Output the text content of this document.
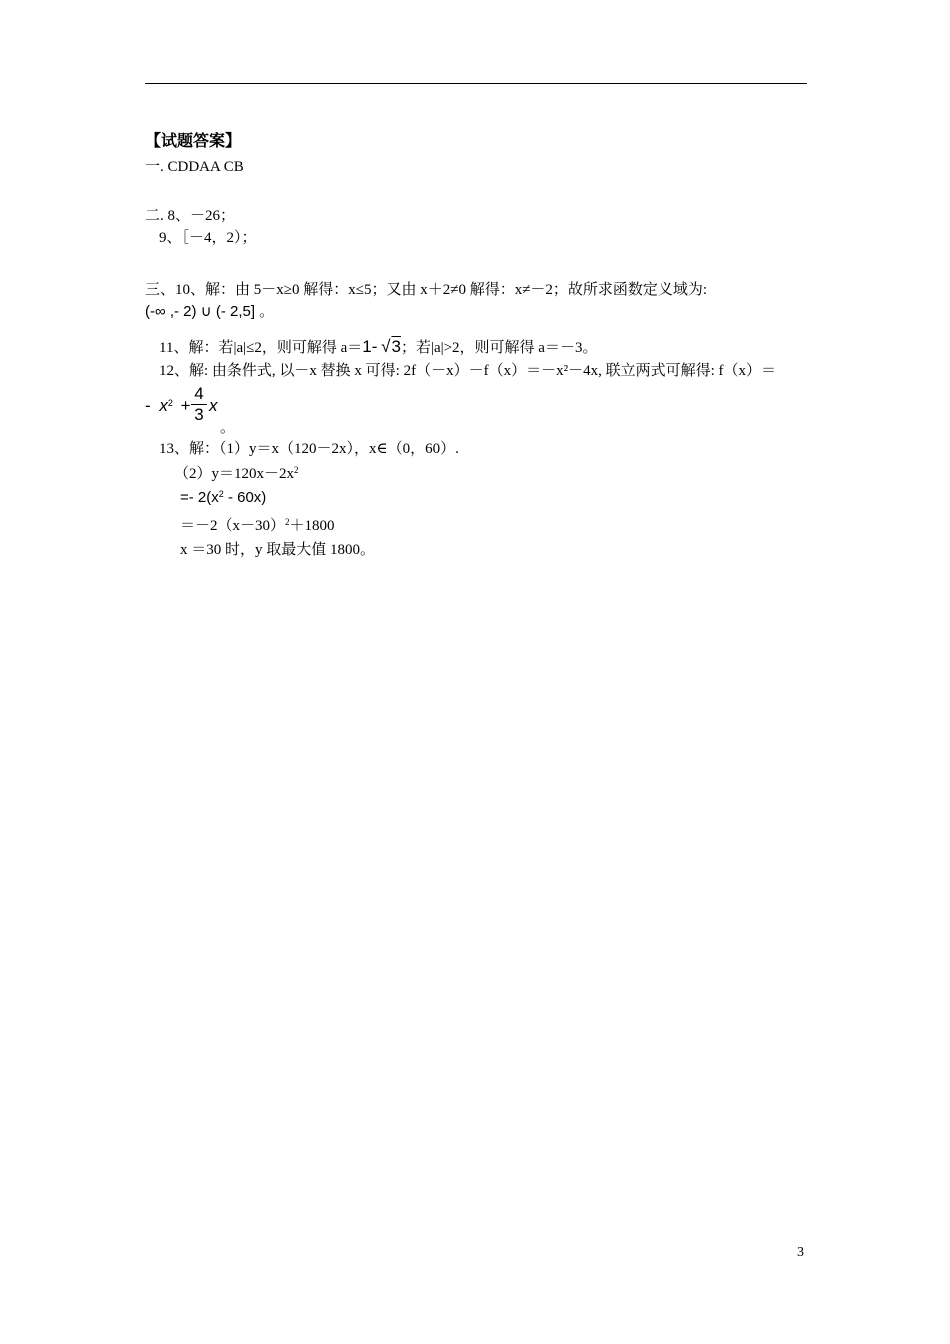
【试题答案】
一. CDDAA CB
二. 8、－26；
9、［－4，2）；
三、10、解：由 5－x≥0 解得：x≤5；又由 x＋2≠0 解得：x≠－2；故所求函数定义域为:
(-∞ ,- 2) ∪ (- 2,5] 。
11、解：若|a|≤2，则可解得 a＝1- √3；若|a|>2，则可解得 a＝－3。
12、解: 由条件式, 以－x 替换 x 可得: 2f（－x）－f（x）＝－x²－4x, 联立两式可解得: f（x）＝
- $x^2$ +
4
3 x
。
13、解：（1）y＝x（120－2x），x∈（0，60）.
$(2)y=120x-2x^2$
=- $2(x^2 - 60x)$
$=-2(x-30)^2+1800$
x ＝30 时，y 取最大值 1800。
3
